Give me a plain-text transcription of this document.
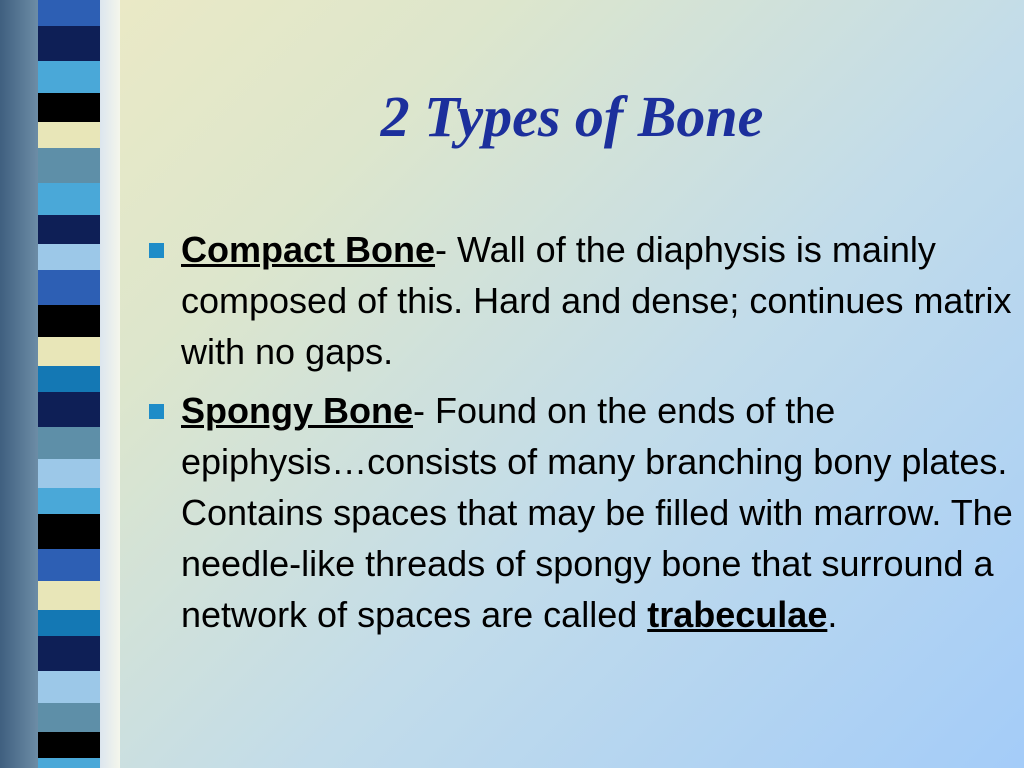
2 Types of Bone
Compact Bone- Wall of the diaphysis is mainly composed of this. Hard and dense; continues matrix with no gaps.
Spongy Bone- Found on the ends of the epiphysis…consists of many branching bony plates. Contains spaces that may be filled with marrow. The needle-like threads of spongy bone that surround a network of spaces are called trabeculae.
